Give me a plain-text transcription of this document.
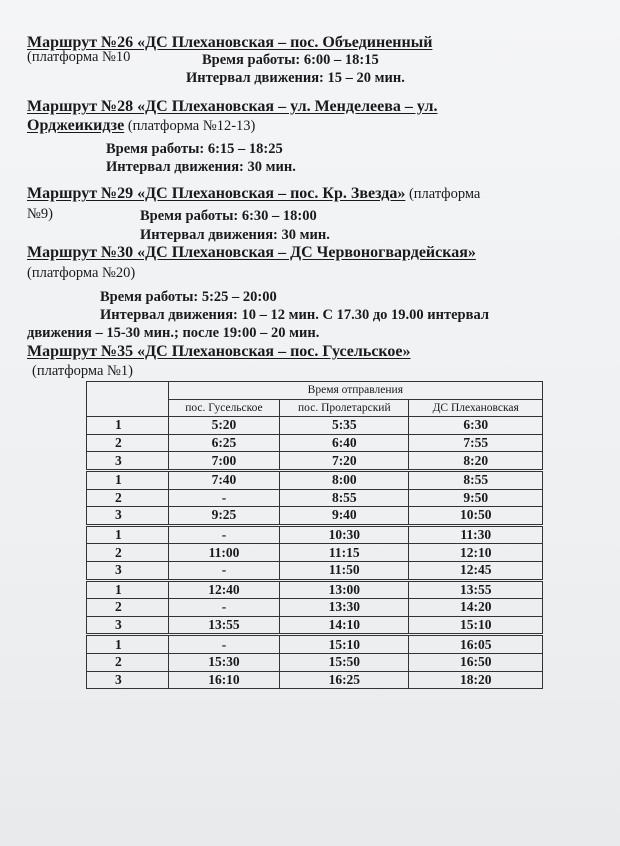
Маршрут №26 «ДС Плехановская – пос. Объединенный
(платформа №10	Время работы: 6:00 – 18:15
Интервал движения: 15 – 20 мин.
Маршрут №28 «ДС Плехановская – ул. Менделеева – ул.
Орджеикидзе (платформа №12-13)
Время работы: 6:15 – 18:25
Интервал движения: 30 мин.
Маршрут №29 «ДС Плехановская – пос. Кр. Звезда» (платформа
№9)	Время работы: 6:30 – 18:00
Интервал движения: 30 мин.
Маршрут №30 «ДС Плехановская – ДС Червоногвардейская»
(платформа №20)
Время работы: 5:25 – 20:00
Интервал движения: 10 – 12 мин. С 17.30 до 19.00 интервал
движения – 15-30 мин.; после 19:00 – 20 мин.
Маршрут №35 «ДС Плехановская – пос. Гусельское»
(платформа №1)
	Время отправления		
	пос. Гусельское	пос. Пролетарский	ДС Плехановская
1	5:20	5:35	6:30
2	6:25	6:40	7:55
3	7:00	7:20	8:20
1	7:40	8:00	8:55
2	-	8:55	9:50
3	9:25	9:40	10:50
1	-	10:30	11:30
2	11:00	11:15	12:10
3	-	11:50	12:45
1	12:40	13:00	13:55
2	-	13:30	14:20
3	13:55	14:10	15:10
1	-	15:10	16:05
2	15:30	15:50	16:50
3	16:10	16:25	18:20
